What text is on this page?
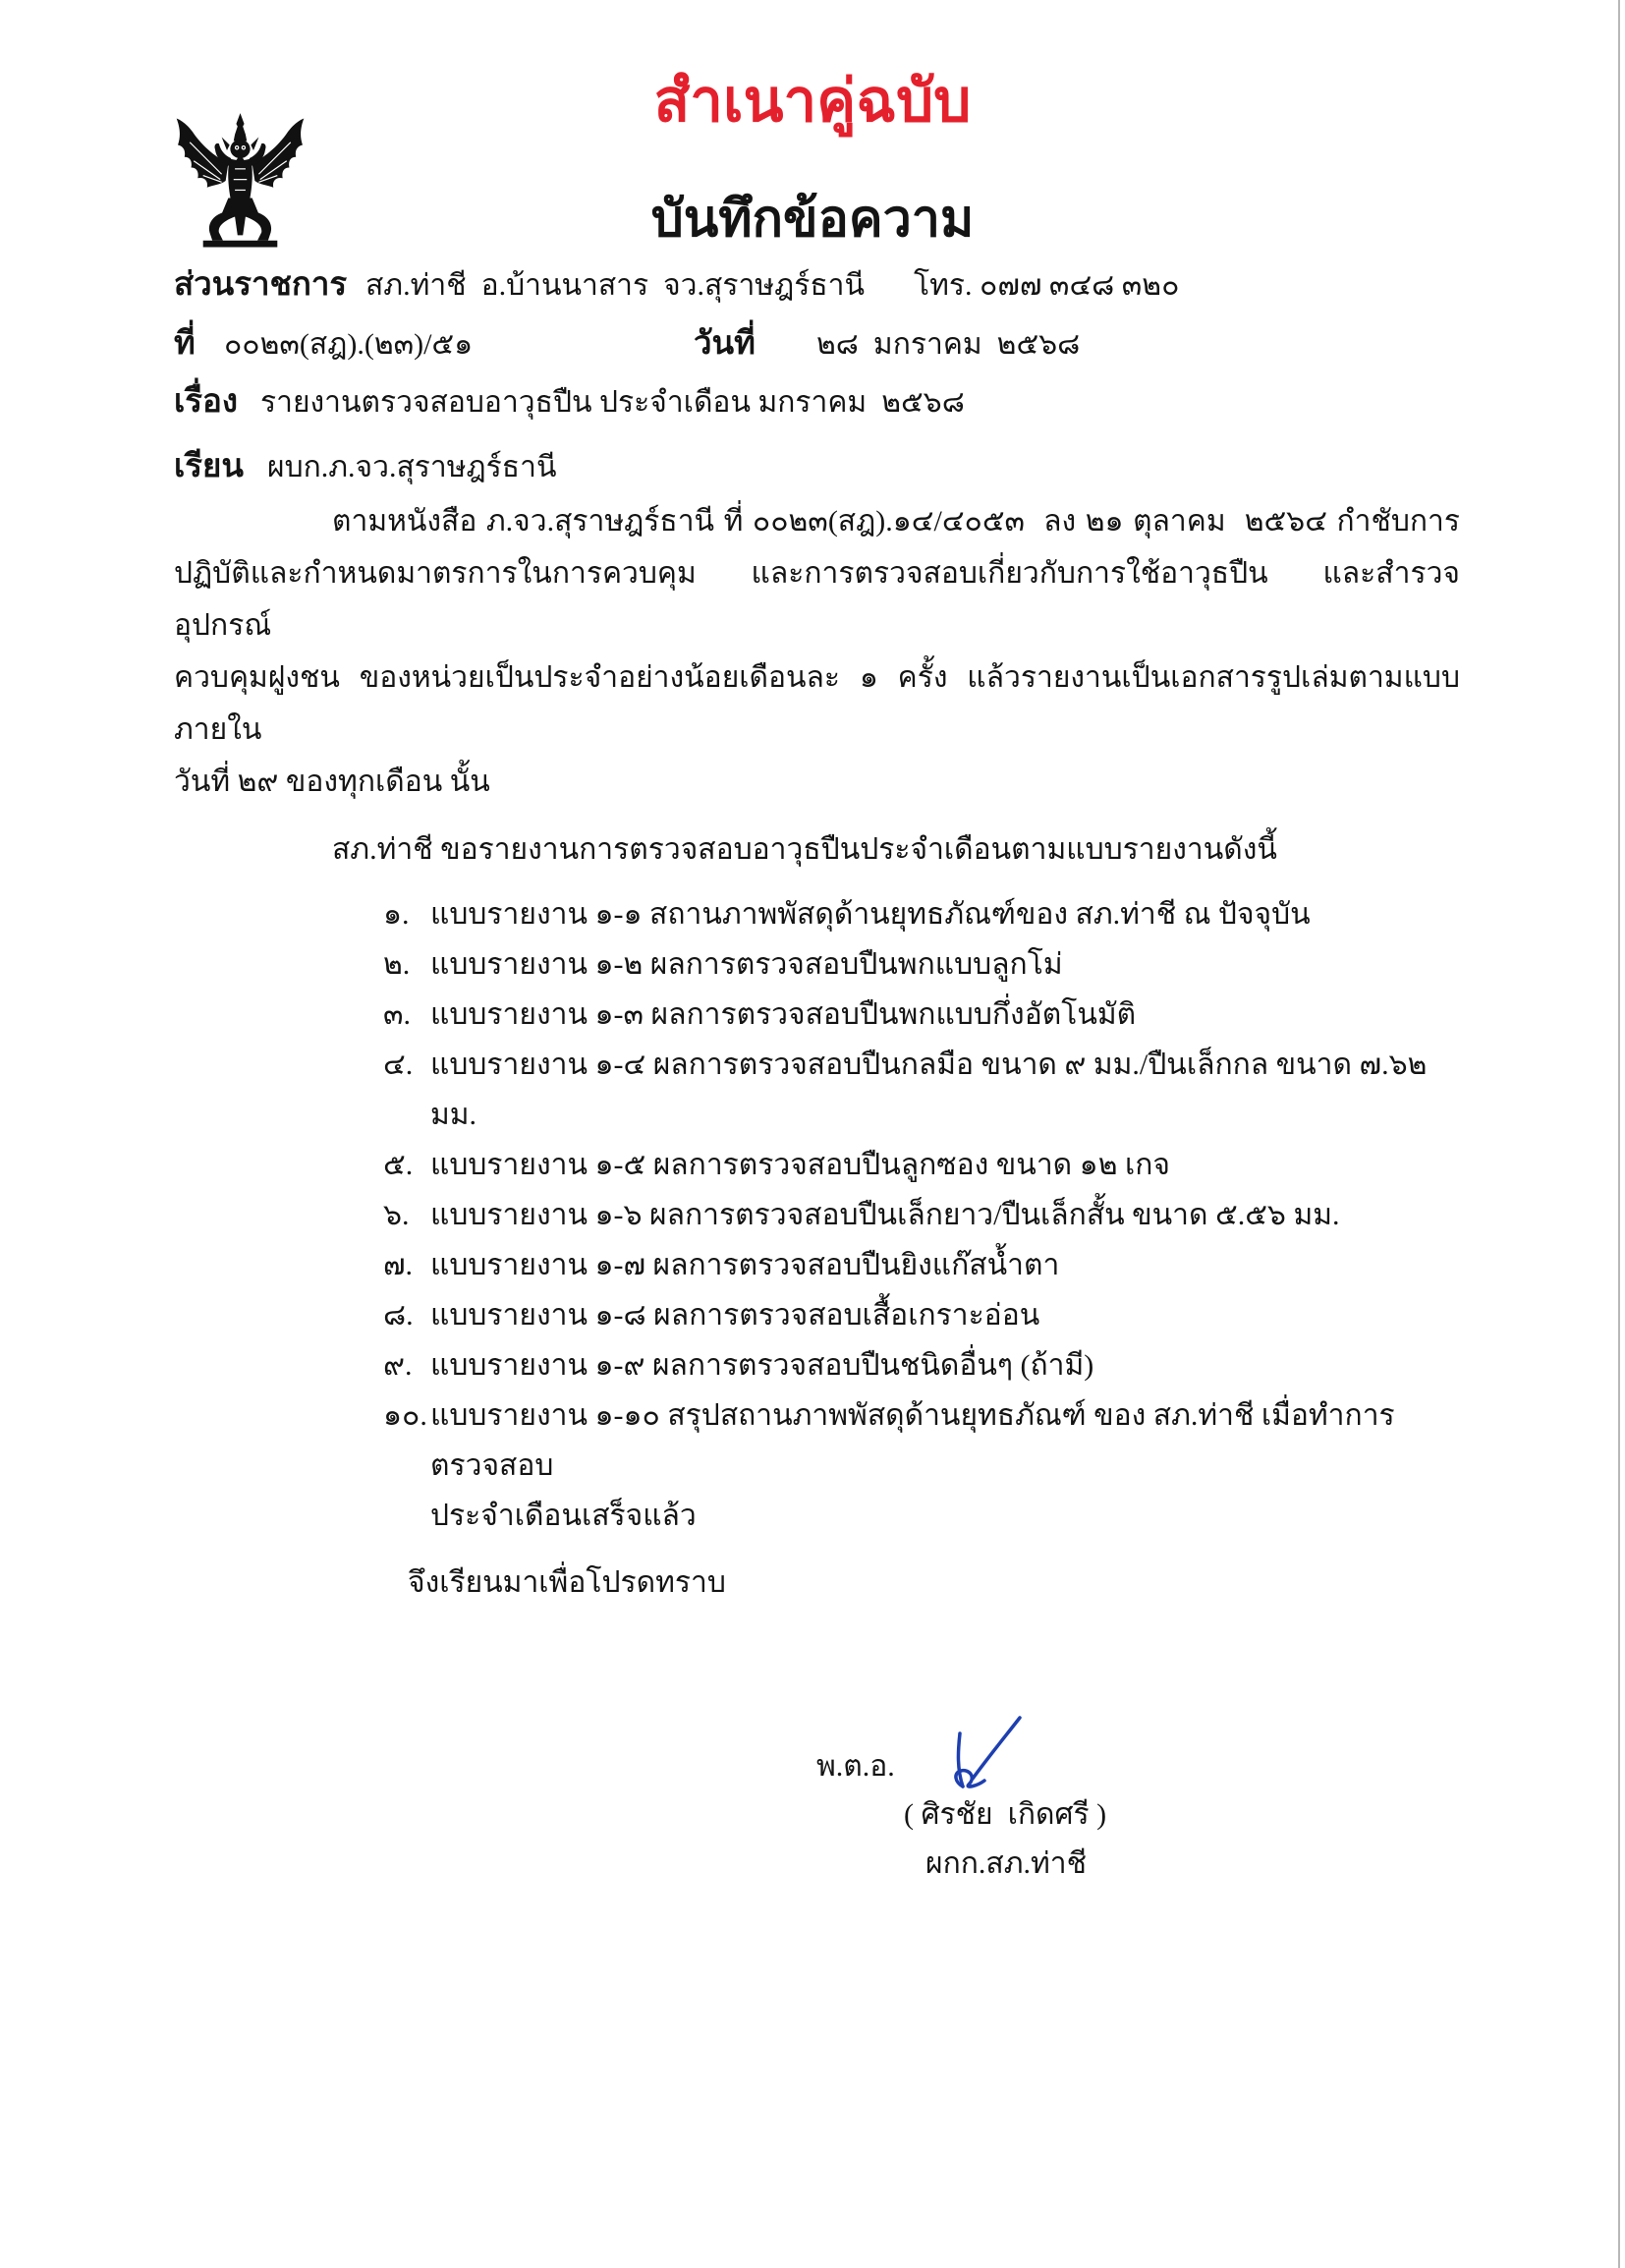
สำเนาคู่ฉบับ
บันทึกข้อความ
ส่วนราชการ สภ.ท่าชี  อ.บ้านนาสาร  จว.สุราษฎร์ธานี	โทร. ๐๗๗ ๓๔๘ ๓๒๐
ที่ ๐๐๒๓(สฎ).(๒๓)/๕๑	วันที่	๒๘  มกราคม  ๒๕๖๘
เรื่อง รายงานตรวจสอบอาวุธปืน ประจำเดือน มกราคม  ๒๕๖๘
เรียน ผบก.ภ.จว.สุราษฎร์ธานี
ตามหนังสือ ภ.จว.สุราษฎร์ธานี ที่ ๐๐๒๓(สฎ).๑๔/๔๐๕๓  ลง ๒๑ ตุลาคม  ๒๕๖๔ กำชับการ
ปฏิบัติและกำหนดมาตรการในการควบคุม และการตรวจสอบเกี่ยวกับการใช้อาวุธปืน และสำรวจอุปกรณ์
ควบคุมฝูงชน ของหน่วยเป็นประจำอย่างน้อยเดือนละ ๑ ครั้ง แล้วรายงานเป็นเอกสารรูปเล่มตามแบบ ภายใน
วันที่ ๒๙ ของทุกเดือน นั้น
สภ.ท่าชี ขอรายงานการตรวจสอบอาวุธปืนประจำเดือนตามแบบรายงานดังนี้
๑. แบบรายงาน ๑-๑ สถานภาพพัสดุด้านยุทธภัณฑ์ของ สภ.ท่าชี ณ ปัจจุบัน
๒. แบบรายงาน ๑-๒ ผลการตรวจสอบปืนพกแบบลูกโม่
๓. แบบรายงาน ๑-๓ ผลการตรวจสอบปืนพกแบบกึ่งอัตโนมัติ
๔. แบบรายงาน ๑-๔ ผลการตรวจสอบปืนกลมือ ขนาด ๙ มม./ปืนเล็กกล ขนาด ๗.๖๒ มม.
๕. แบบรายงาน ๑-๕ ผลการตรวจสอบปืนลูกซอง ขนาด ๑๒ เกจ
๖. แบบรายงาน ๑-๖ ผลการตรวจสอบปืนเล็กยาว/ปืนเล็กสั้น ขนาด ๕.๕๖ มม.
๗. แบบรายงาน ๑-๗ ผลการตรวจสอบปืนยิงแก๊สน้ำตา
๘. แบบรายงาน ๑-๘ ผลการตรวจสอบเสื้อเกราะอ่อน
๙. แบบรายงาน ๑-๙ ผลการตรวจสอบปืนชนิดอื่นๆ (ถ้ามี)
๑๐. แบบรายงาน ๑-๑๐ สรุปสถานภาพพัสดุด้านยุทธภัณฑ์ ของ สภ.ท่าชี เมื่อทำการตรวจสอบ
ประจำเดือนเสร็จแล้ว
จึงเรียนมาเพื่อโปรดทราบ
พ.ต.อ.
( ศิรชัย  เกิดศรี )
ผกก.สภ.ท่าชี
